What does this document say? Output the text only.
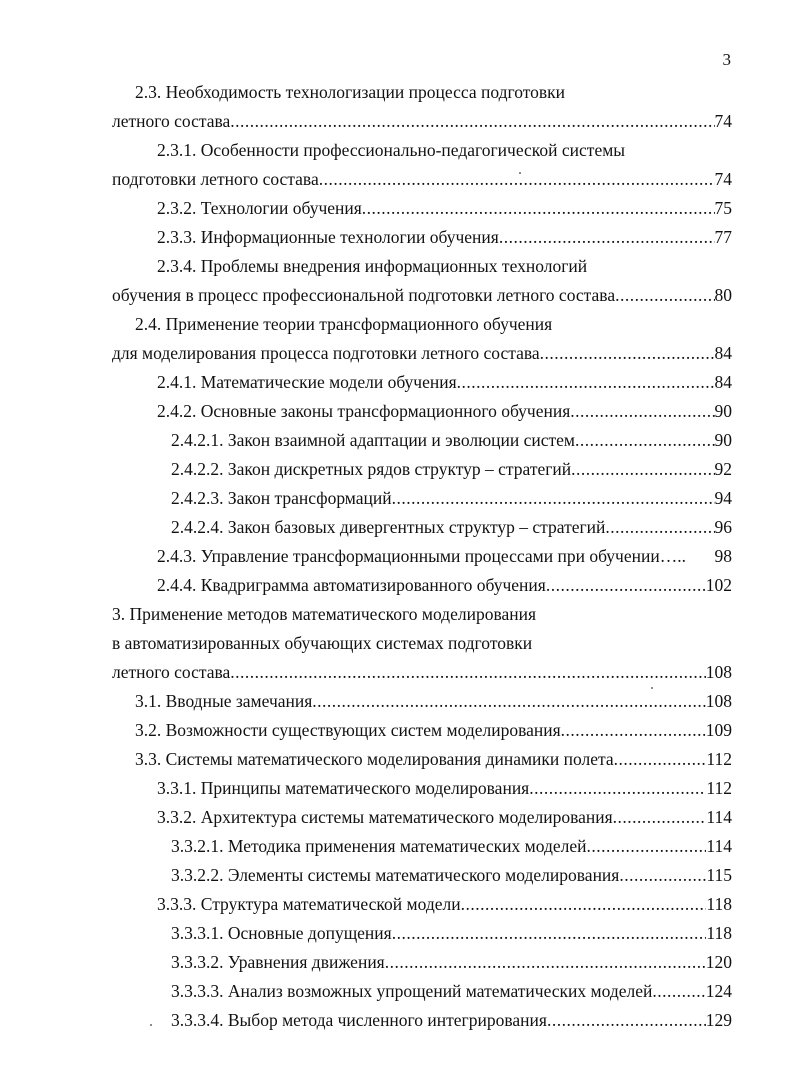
3
2.3. Необходимость технологизации процесса подготовки
летного состава .....	74
2.3.1. Особенности профессионально-педагогической системы
подготовки летного состава .....	74
2.3.2. Технологии обучения .....	75
2.3.3. Информационные технологии обучения .....	77
2.3.4. Проблемы внедрения информационных технологий
обучения в процесс профессиональной подготовки летного состава .....	80
2.4. Применение теории трансформационного обучения
для моделирования процесса подготовки летного состава .....	84
2.4.1. Математические модели обучения .....	84
2.4.2. Основные законы трансформационного обучения .....	90
2.4.2.1. Закон взаимной адаптации и эволюции систем .....	90
2.4.2.2. Закон дискретных рядов структур – стратегий .....	92
2.4.2.3. Закон трансформаций .....	94
2.4.2.4. Закон базовых дивергентных структур – стратегий .....	96
2.4.3. Управление трансформационными процессами при обучении….. 98
2.4.4. Квадриграмма автоматизированного обучения .....	102
3. Применение методов математического моделирования
в автоматизированных обучающих системах подготовки
летного состава .....	108
3.1. Вводные замечания .....	108
3.2. Возможности существующих систем моделирования .....	109
3.3. Системы математического моделирования динамики полета .....	112
3.3.1. Принципы математического моделирования .....	112
3.3.2. Архитектура системы математического моделирования .....	114
3.3.2.1. Методика применения математических моделей .....	114
3.3.2.2. Элементы системы математического моделирования .....	115
3.3.3. Структура математической модели .....	118
3.3.3.1. Основные допущения .....	118
3.3.3.2. Уравнения движения .....	120
3.3.3.3. Анализ возможных упрощений математических моделей .....	124
3.3.3.4. Выбор метода численного интегрирования .....	129
